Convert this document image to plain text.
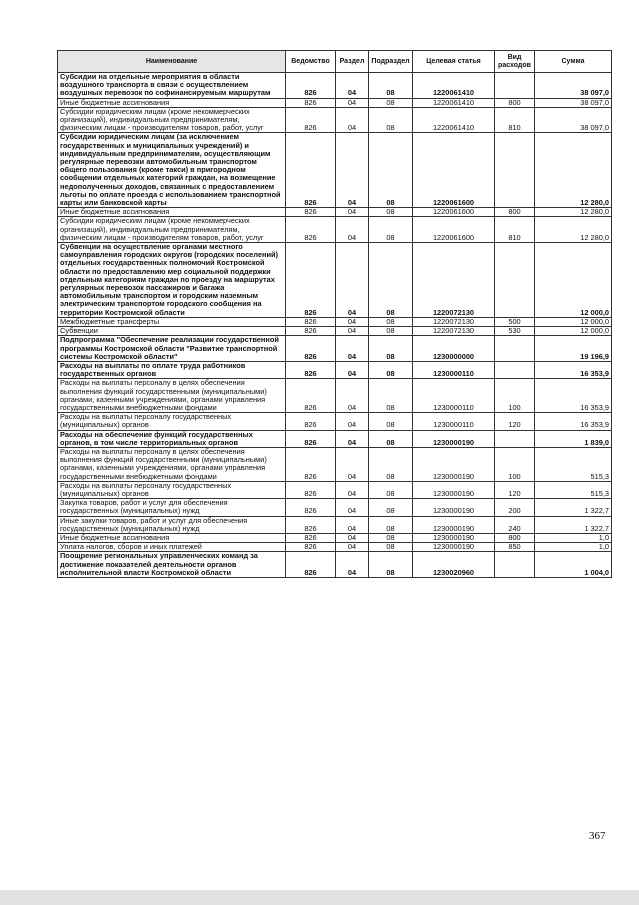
Наименование	Ведомство	Раздел	Подраздел	Целевая статья	Вид расходов	Сумма
Субсидии на отдельные мероприятия в области воздушного транспорта в связи с осуществлением воздушных перевозок по софинансируемым маршрутам	826	04	08	1220061410		38 097,0
Иные бюджетные ассигнования	826	04	08	1220061410	800	38 097,0
Субсидии юридическим лицам (кроме некоммерческих организаций), индивидуальным предпринимателям, физическим лицам - производителям товаров, работ, услуг	826	04	08	1220061410	810	38 097,0
Субсидии юридическим лицам (за исключением государственных и муниципальных учреждений) и индивидуальным предпринимателям, осуществляющим регулярные перевозки автомобильным транспортом общего пользования (кроме такси) в пригородном сообщении отдельных категорий граждан, на возмещение недополученных доходов, связанных с предоставлением льготы по оплате проезда с использованием транспортной карты или банковской карты	826	04	08	1220061600		12 280,0
Иные бюджетные ассигнования	826	04	08	1220061600	800	12 280,0
Субсидии юридическим лицам (кроме некоммерческих организаций), индивидуальным предпринимателям, физическим лицам - производителям товаров, работ, услуг	826	04	08	1220061600	810	12 280,0
Субвенции на осуществление органами местного самоуправления городских округов (городских поселений) отдельных государственных полномочий Костромской области по предоставлению мер социальной поддержки отдельным категориям граждан по проезду на маршрутах регулярных перевозок пассажиров и багажа автомобильным транспортом и городским наземным электрическим транспортом городского сообщения на территории Костромской области	826	04	08	1220072130		12 000,0
Межбюджетные трансферты	826	04	08	1220072130	500	12 000,0
Субвенции	826	04	08	1220072130	530	12 000,0
Подпрограмма "Обеспечение реализации государственной программы Костромской области "Развитие транспортной системы Костромской области"	826	04	08	1230000000		19 196,9
Расходы на выплаты по оплате труда работников государственных органов	826	04	08	1230000110		16 353,9
Расходы на выплаты персоналу в целях обеспечения выполнения функций государственными (муниципальными) органами, казенными учреждениями, органами управления государственными внебюджетными фондами	826	04	08	1230000110	100	16 353,9
Расходы на выплаты персоналу государственных (муниципальных) органов	826	04	08	1230000110	120	16 353,9
Расходы на обеспечение функций государственных органов, в том числе территориальных органов	826	04	08	1230000190		1 839,0
Расходы на выплаты персоналу в целях обеспечения выполнения функций государственными (муниципальными) органами, казенными учреждениями, органами управления государственными внебюджетными фондами	826	04	08	1230000190	100	515,3
Расходы на выплаты персоналу государственных (муниципальных) органов	826	04	08	1230000190	120	515,3
Закупка товаров, работ и услуг для обеспечения государственных (муниципальных) нужд	826	04	08	1230000190	200	1 322,7
Иные закупки товаров, работ и услуг для обеспечения государственных (муниципальных) нужд	826	04	08	1230000190	240	1 322,7
Иные бюджетные ассигнования	826	04	08	1230000190	800	1,0
Уплата налогов, сборов и иных платежей	826	04	08	1230000190	850	1,0
Поощрение региональных управленческих команд за достижение показателей деятельности органов исполнительной власти Костромской области	826	04	08	1230020960		1 004,0
367
